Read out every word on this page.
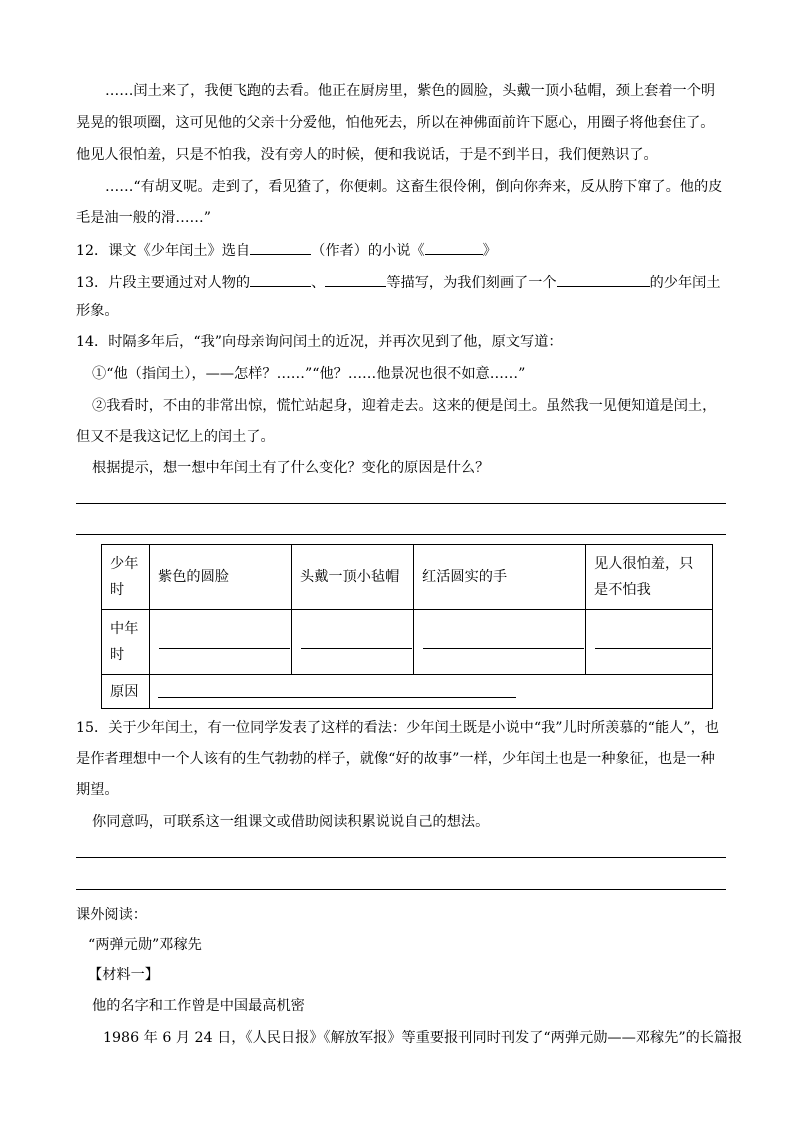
……闰土来了，我便飞跑的去看。他正在厨房里，紫色的圆脸，头戴一顶小毡帽，颈上套着一个明
晃晃的银项圈，这可见他的父亲十分爱他，怕他死去，所以在神佛面前许下愿心，用圈子将他套住了。
他见人很怕羞，只是不怕我，没有旁人的时候，便和我说话，于是不到半日，我们便熟识了。
……“有胡叉呢。走到了，看见猹了，你便刺。这畜生很伶俐，倒向你奔来，反从胯下窜了。他的皮
毛是油一般的滑……”
12．课文《少年闰土》选自	（作者）的小说《	》
13．片段主要通过对人物的	、	等描写，为我们刻画了一个	的少年闰土
形象。
14．时隔多年后，“我”向母亲询问闰土的近况，并再次见到了他，原文写道：
①“他（指闰土），——怎样？……”“他？……他景况也很不如意……”
②我看时，不由的非常出惊，慌忙站起身，迎着走去。这来的便是闰土。虽然我一见便知道是闰土，
但又不是我这记忆上的闰土了。
根据提示，想一想中年闰土有了什么变化？变化的原因是什么？
少年时	紫色的圆脸	头戴一顶小毡帽	红活圆实的手	见人很怕羞，只是不怕我
中年时	

原因				
15．关于少年闰土，有一位同学发表了这样的看法：少年闰土既是小说中“我”儿时所羡慕的“能人”，也
是作者理想中一个人该有的生气勃勃的样子，就像“好的故事”一样，少年闰土也是一种象征，也是一种
期望。
你同意吗，可联系这一组课文或借助阅读积累说说自己的想法。
课外阅读：
“两弹元勋”邓稼先
【材料一】
他的名字和工作曾是中国最高机密
1986 年 6 月 24 日，《人民日报》《解放军报》等重要报刊同时刊发了“两弹元勋——邓稼先”的长篇报
